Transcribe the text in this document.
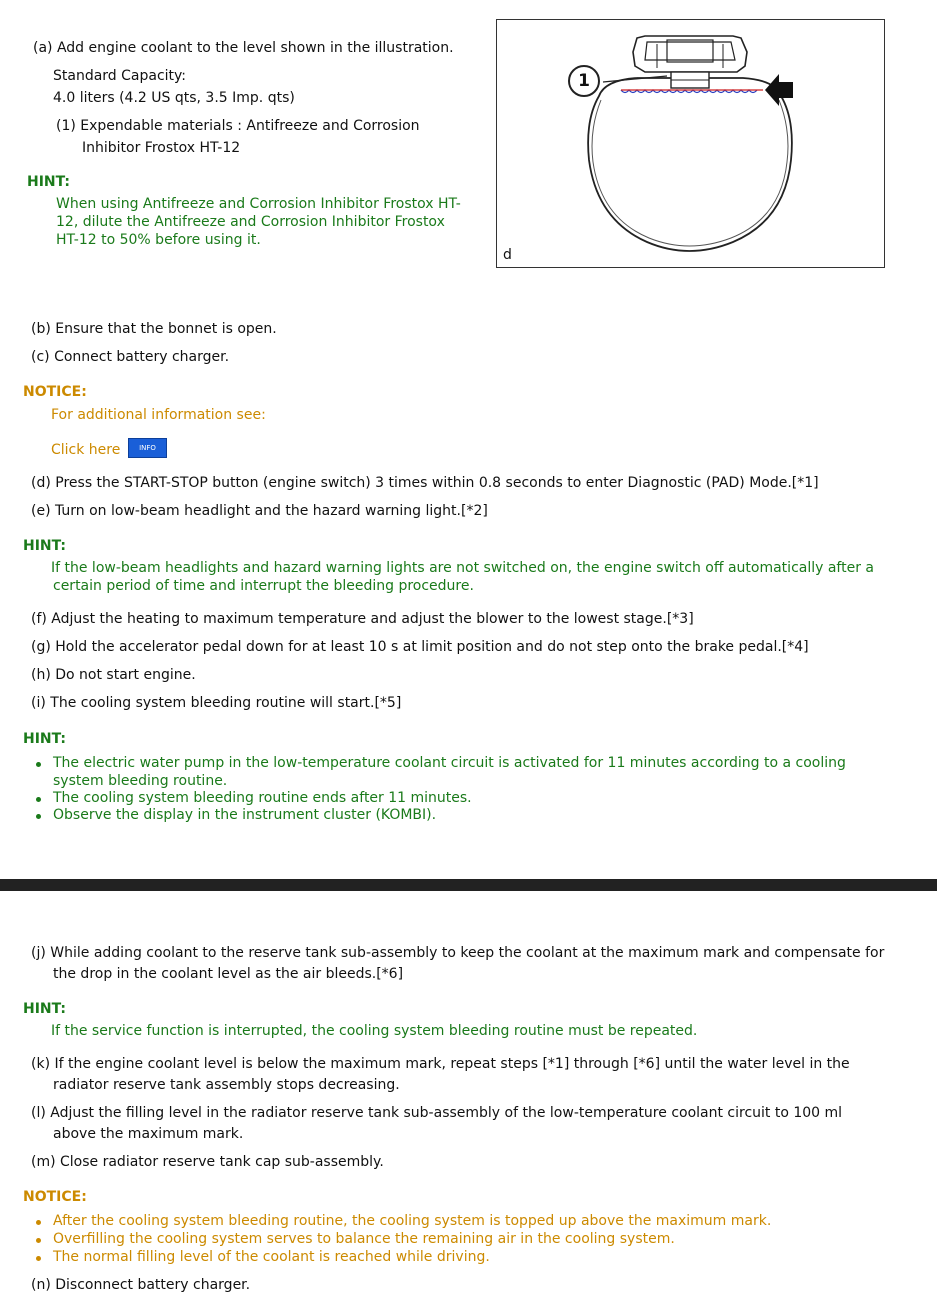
(a) Add engine coolant to the level shown in the illustration.
Standard Capacity:
4.0 liters (4.2 US qts, 3.5 Imp. qts)
(1) Expendable materials : Antifreeze and Corrosion
Inhibitor Frostox HT-12
HINT:
When using Antifreeze and Corrosion Inhibitor Frostox HT-
12, dilute the Antifreeze and Corrosion Inhibitor Frostox
HT-12 to 50% before using it.
1
d
(b) Ensure that the bonnet is open.
(c) Connect battery charger.
NOTICE:
For additional information see:
Click here	INFO
(d) Press the START-STOP button (engine switch) 3 times within 0.8 seconds to enter Diagnostic (PAD) Mode.[*1]
(e) Turn on low-beam headlight and the hazard warning light.[*2]
HINT:
If the low-beam headlights and hazard warning lights are not switched on, the engine switch off automatically after a
certain period of time and interrupt the bleeding procedure.
(f) Adjust the heating to maximum temperature and adjust the blower to the lowest stage.[*3]
(g) Hold the accelerator pedal down for at least 10 s at limit position and do not step onto the brake pedal.[*4]
(h) Do not start engine.
(i) The cooling system bleeding routine will start.[*5]
HINT:
The electric water pump in the low-temperature coolant circuit is activated for 11 minutes according to a cooling
system bleeding routine.
The cooling system bleeding routine ends after 11 minutes.
Observe the display in the instrument cluster (KOMBI).
(j) While adding coolant to the reserve tank sub-assembly to keep the coolant at the maximum mark and compensate for
the drop in the coolant level as the air bleeds.[*6]
HINT:
If the service function is interrupted, the cooling system bleeding routine must be repeated.
(k) If the engine coolant level is below the maximum mark, repeat steps [*1] through [*6] until the water level in the
radiator reserve tank assembly stops decreasing.
(l) Adjust the filling level in the radiator reserve tank sub-assembly of the low-temperature coolant circuit to 100 ml
above the maximum mark.
(m) Close radiator reserve tank cap sub-assembly.
NOTICE:
After the cooling system bleeding routine, the cooling system is topped up above the maximum mark.
Overfilling the cooling system serves to balance the remaining air in the cooling system.
The normal filling level of the coolant is reached while driving.
(n) Disconnect battery charger.
